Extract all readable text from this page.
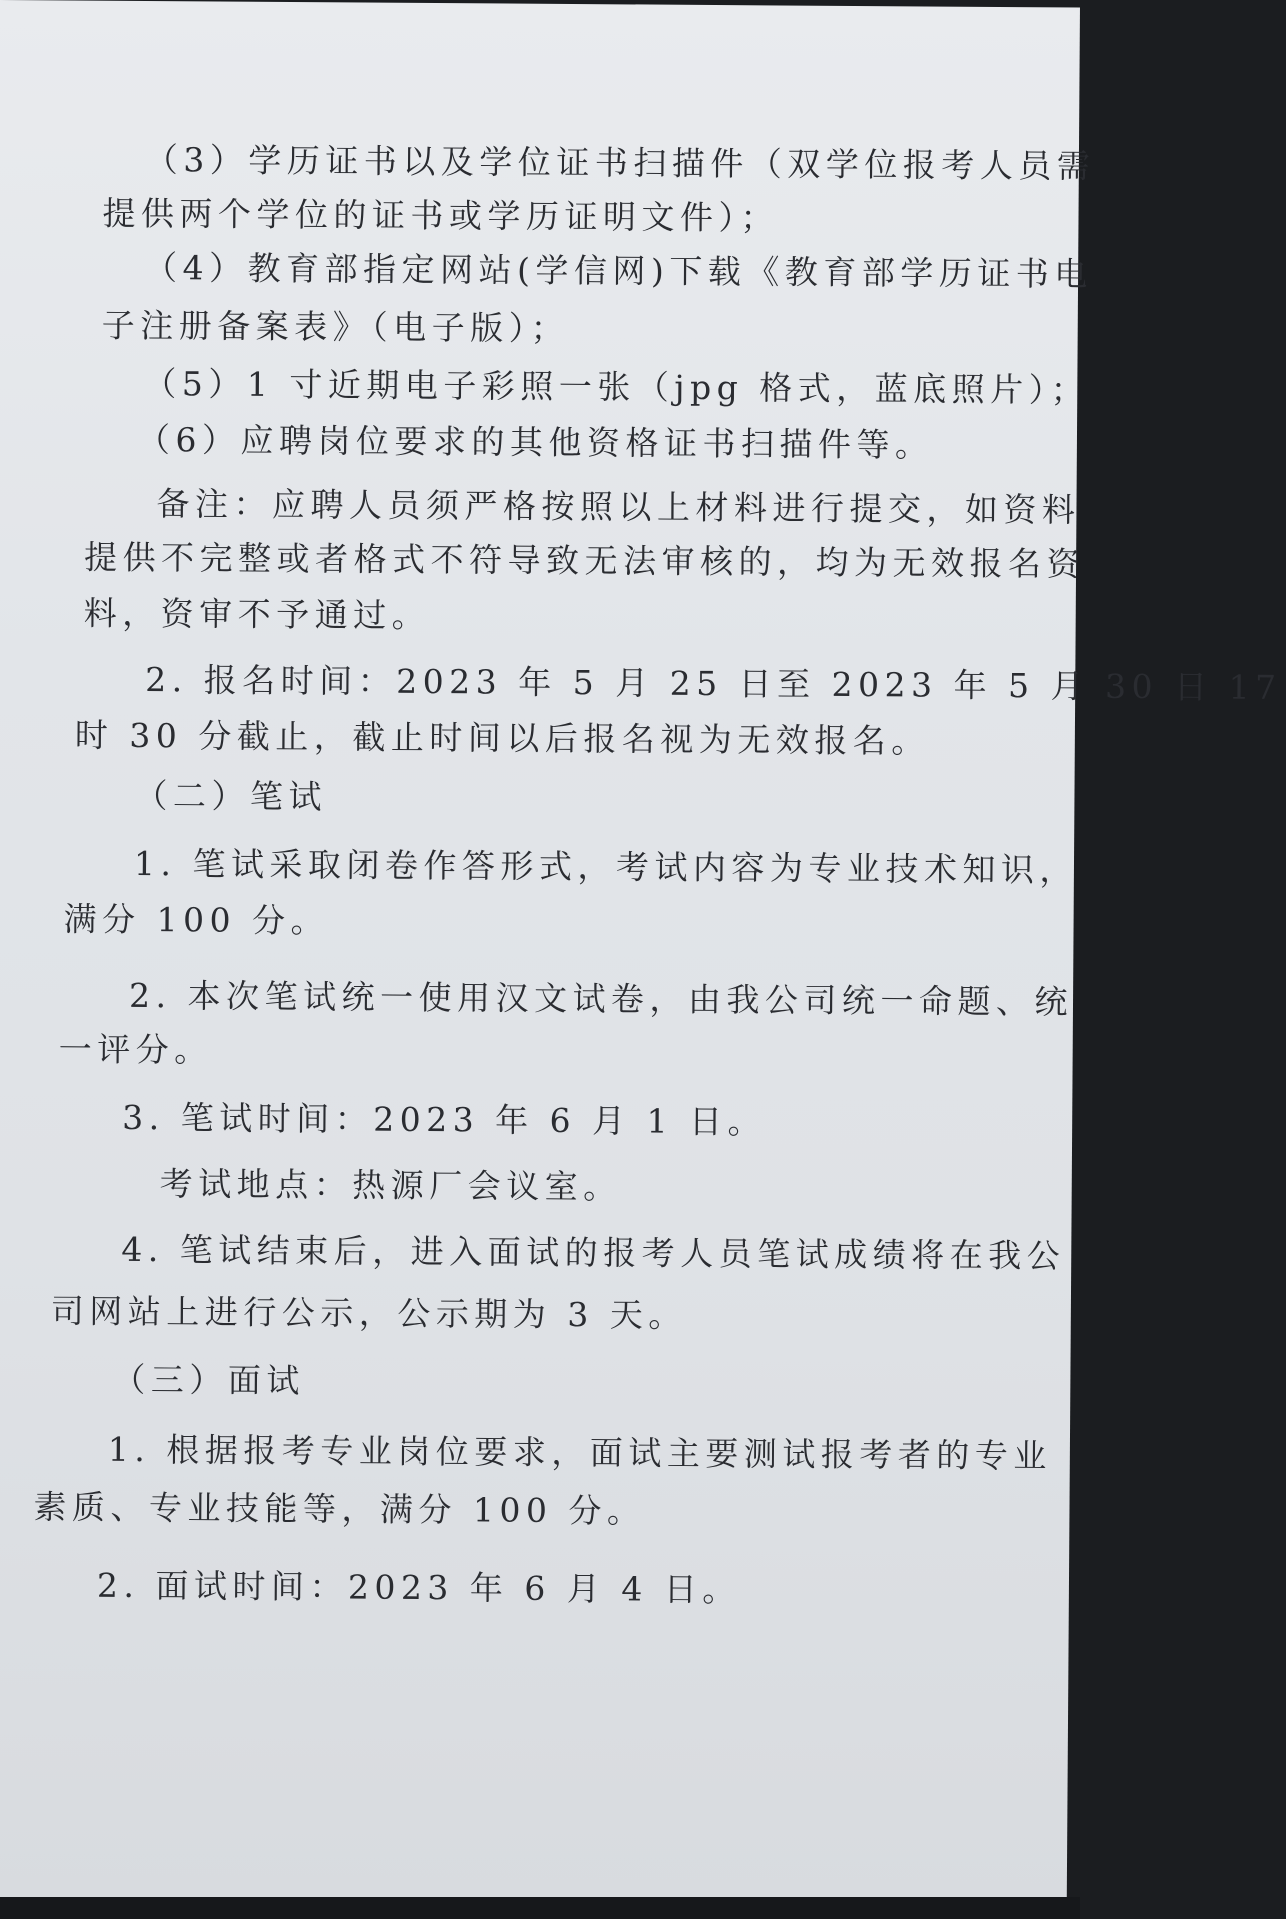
（3）学历证书以及学位证书扫描件（双学位报考人员需

提供两个学位的证书或学历证明文件）；

（4）教育部指定网站(学信网)下载《教育部学历证书电

子注册备案表》（电子版）；

（5）1 寸近期电子彩照一张（jpg 格式，蓝底照片）；

（6）应聘岗位要求的其他资格证书扫描件等。

备注：应聘人员须严格按照以上材料进行提交，如资料

提供不完整或者格式不符导致无法审核的，均为无效报名资

料，资审不予通过。

2. 报名时间：2023 年 5 月 25 日至 2023 年 5 月 30 日 17

时 30 分截止，截止时间以后报名视为无效报名。

（二）笔试

1. 笔试采取闭卷作答形式，考试内容为专业技术知识，

满分 100 分。

2. 本次笔试统一使用汉文试卷，由我公司统一命题、统

一评分。

3. 笔试时间：2023 年 6 月 1 日。

考试地点：热源厂会议室。

4. 笔试结束后，进入面试的报考人员笔试成绩将在我公

司网站上进行公示，公示期为 3 天。

（三）面试

1. 根据报考专业岗位要求，面试主要测试报考者的专业

素质、专业技能等，满分 100 分。

2. 面试时间：2023 年 6 月 4 日。
